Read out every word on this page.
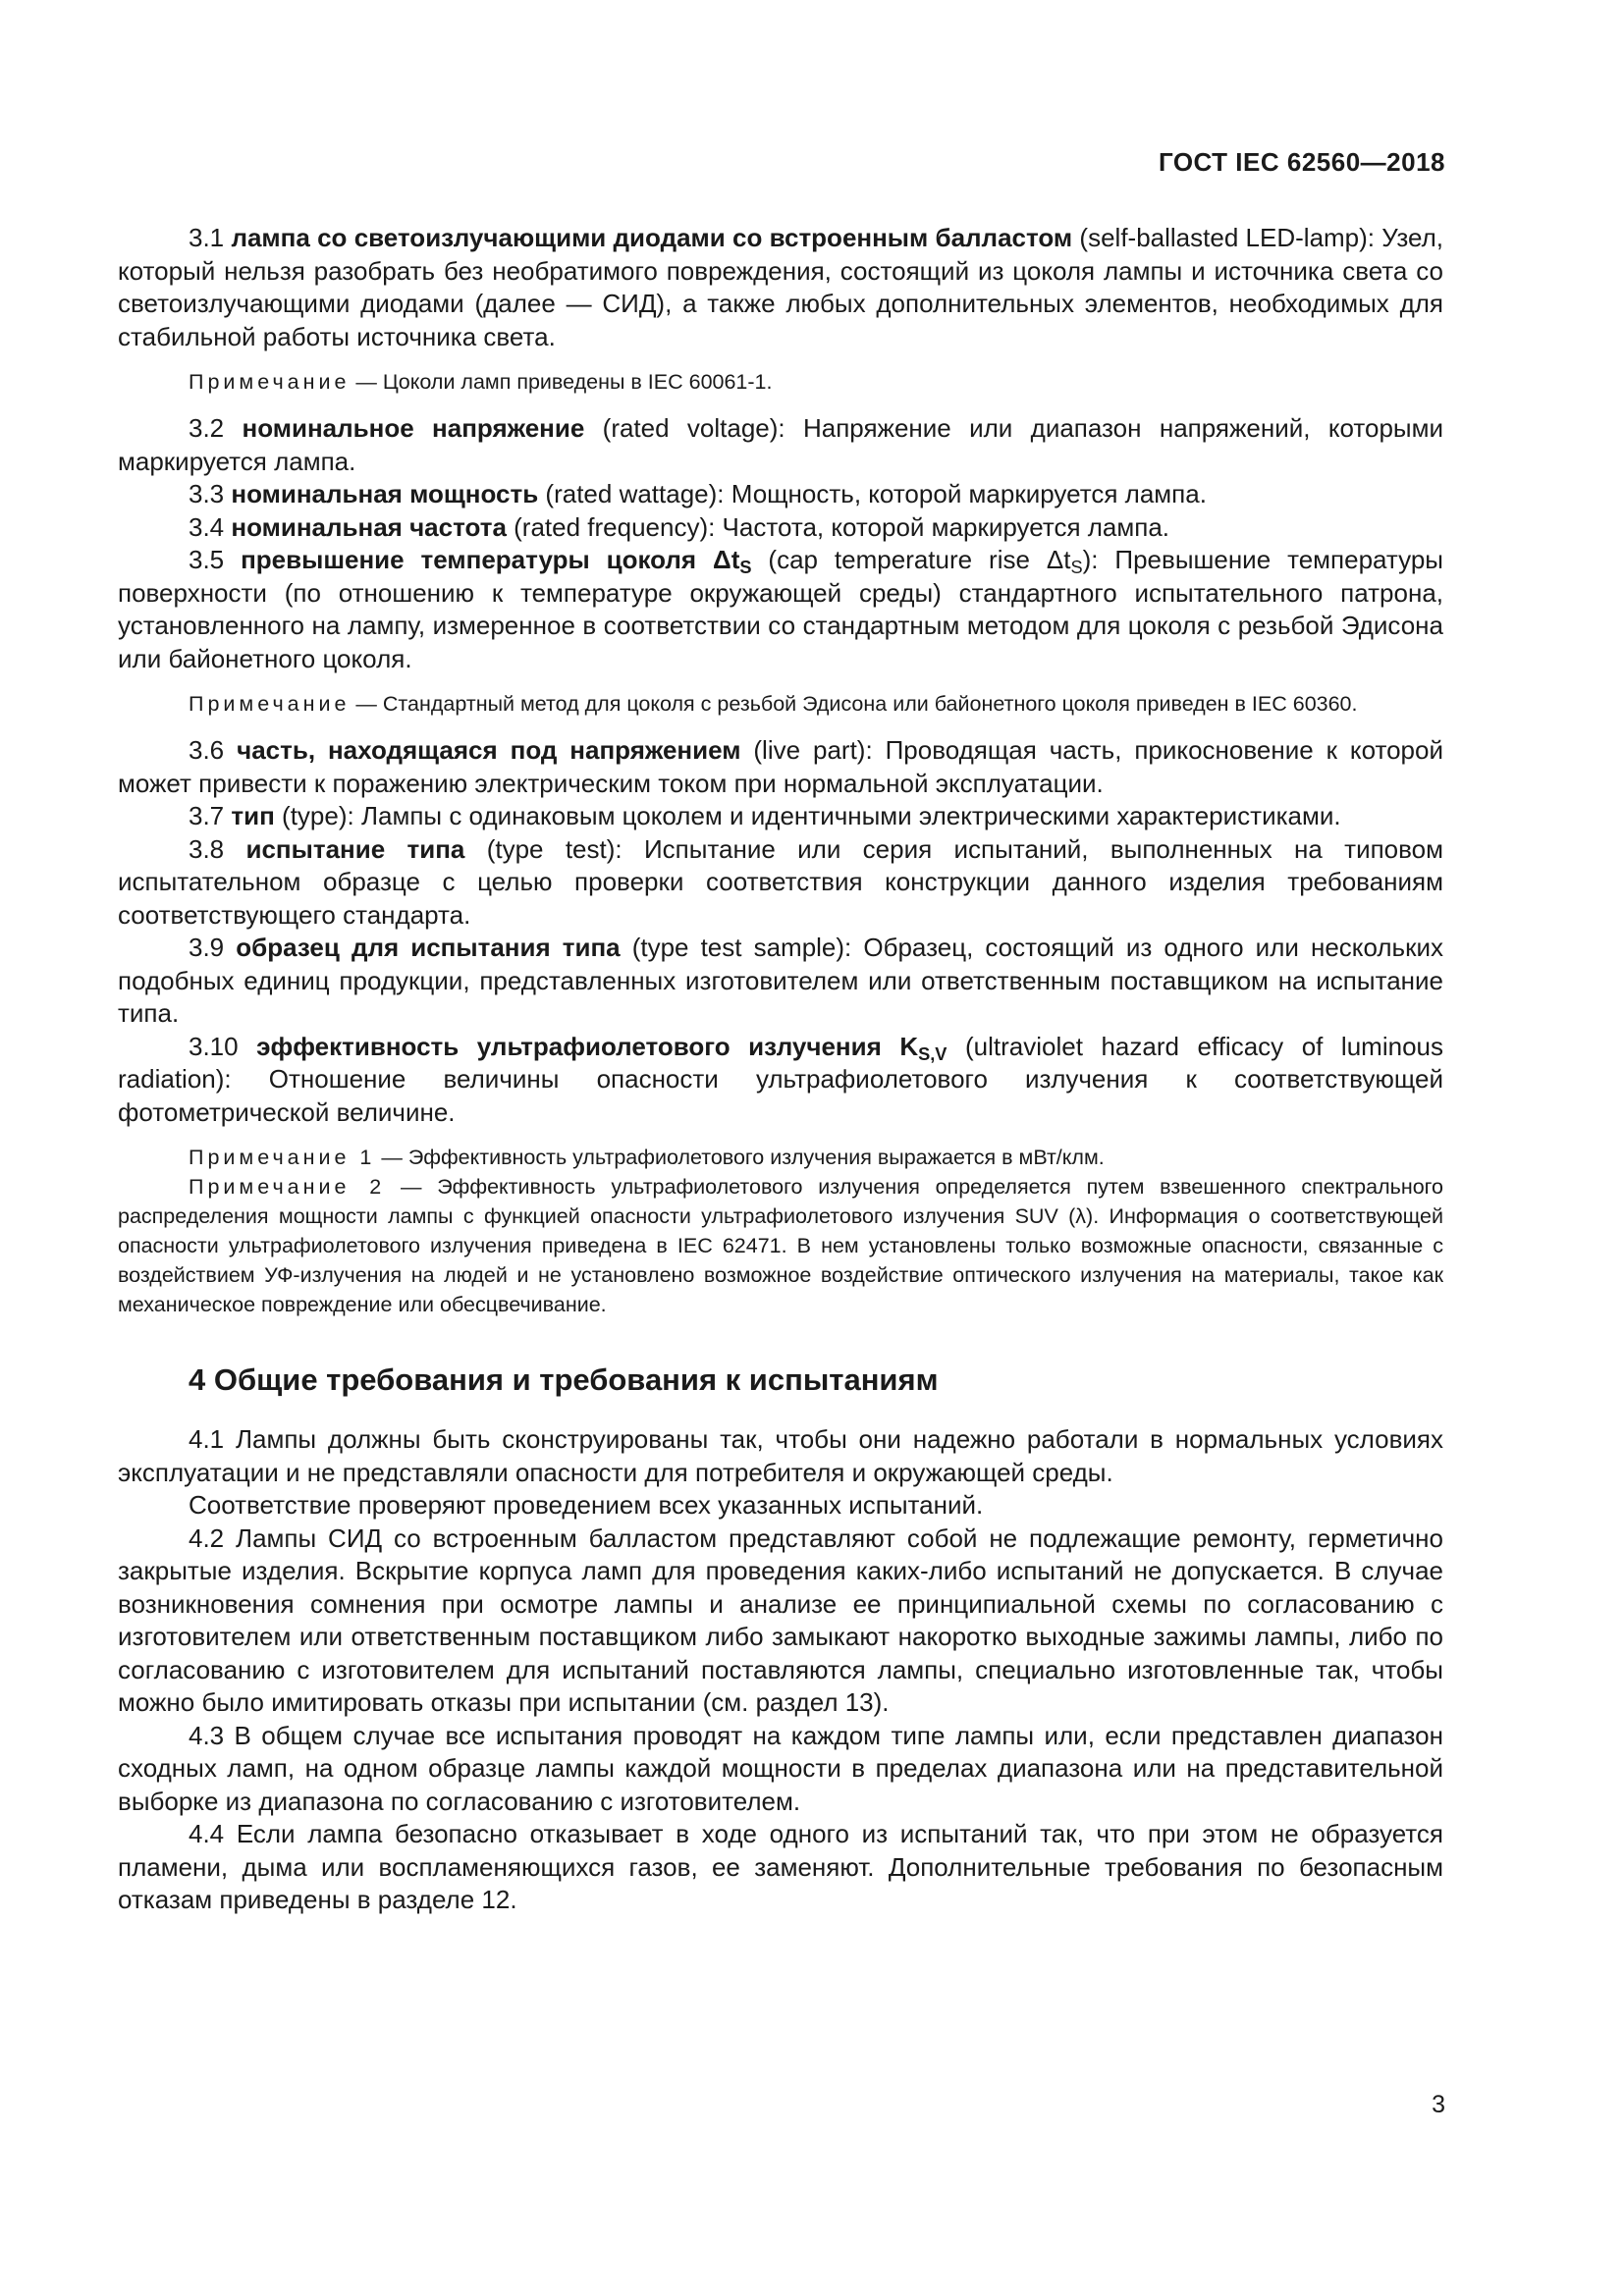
ГОСТ IEC 62560—2018

3.1 лампа со светоизлучающими диодами со встроенным балластом (self-ballasted LED-lamp): Узел, который нельзя разобрать без необратимого повреждения, состоящий из цоколя лампы и источника света со светоизлучающими диодами (далее — СИД), а также любых дополнительных элементов, необходимых для стабильной работы источника света.

Примечание — Цоколи ламп приведены в IEC 60061-1.

3.2 номинальное напряжение (rated voltage): Напряжение или диапазон напряжений, которыми маркируется лампа.

3.3 номинальная мощность (rated wattage): Мощность, которой маркируется лампа.

3.4 номинальная частота (rated frequency): Частота, которой маркируется лампа.

3.5 превышение температуры цоколя $\Delta t_S$ (cap temperature rise $\Delta t_S$): Превышение температуры поверхности (по отношению к температуре окружающей среды) стандартного испытательного патрона, установленного на лампу, измеренное в соответствии со стандартным методом для цоколя с резьбой Эдисона или байонетного цоколя.

Примечание — Стандартный метод для цоколя с резьбой Эдисона или байонетного цоколя приведен в IEC 60360.

3.6 часть, находящаяся под напряжением (live part): Проводящая часть, прикосновение к которой может привести к поражению электрическим током при нормальной эксплуатации.

3.7 тип (type): Лампы с одинаковым цоколем и идентичными электрическими характеристиками.

3.8 испытание типа (type test): Испытание или серия испытаний, выполненных на типовом испытательном образце с целью проверки соответствия конструкции данного изделия требованиям соответствующего стандарта.

3.9 образец для испытания типа (type test sample): Образец, состоящий из одного или нескольких подобных единиц продукции, представленных изготовителем или ответственным поставщиком на испытание типа.

3.10 эффективность ультрафиолетового излучения $K_{S,V}$ (ultraviolet hazard efficacy of luminous radiation): Отношение величины опасности ультрафиолетового излучения к соответствующей фотометрической величине.

Примечание 1 — Эффективность ультрафиолетового излучения выражается в мВт/клм.

Примечание 2 — Эффективность ультрафиолетового излучения определяется путем взвешенного спектрального распределения мощности лампы с функцией опасности ультрафиолетового излучения SUV (λ). Информация о соответствующей опасности ультрафиолетового излучения приведена в IEC 62471. В нем установлены только возможные опасности, связанные с воздействием УФ-излучения на людей и не установлено возможное воздействие оптического излучения на материалы, такое как механическое повреждение или обесцвечивание.

4 Общие требования и требования к испытаниям

4.1 Лампы должны быть сконструированы так, чтобы они надежно работали в нормальных условиях эксплуатации и не представляли опасности для потребителя и окружающей среды.

Соответствие проверяют проведением всех указанных испытаний.

4.2 Лампы СИД со встроенным балластом представляют собой не подлежащие ремонту, герметично закрытые изделия. Вскрытие корпуса ламп для проведения каких-либо испытаний не допускается. В случае возникновения сомнения при осмотре лампы и анализе ее принципиальной схемы по согласованию с изготовителем или ответственным поставщиком либо замыкают накоротко выходные зажимы лампы, либо по согласованию с изготовителем для испытаний поставляются лампы, специально изготовленные так, чтобы можно было имитировать отказы при испытании (см. раздел 13).

4.3 В общем случае все испытания проводят на каждом типе лампы или, если представлен диапазон сходных ламп, на одном образце лампы каждой мощности в пределах диапазона или на представительной выборке из диапазона по согласованию с изготовителем.

4.4 Если лампа безопасно отказывает в ходе одного из испытаний так, что при этом не образуется пламени, дыма или воспламеняющихся газов, ее заменяют. Дополнительные требования по безопасным отказам приведены в разделе 12.

3
